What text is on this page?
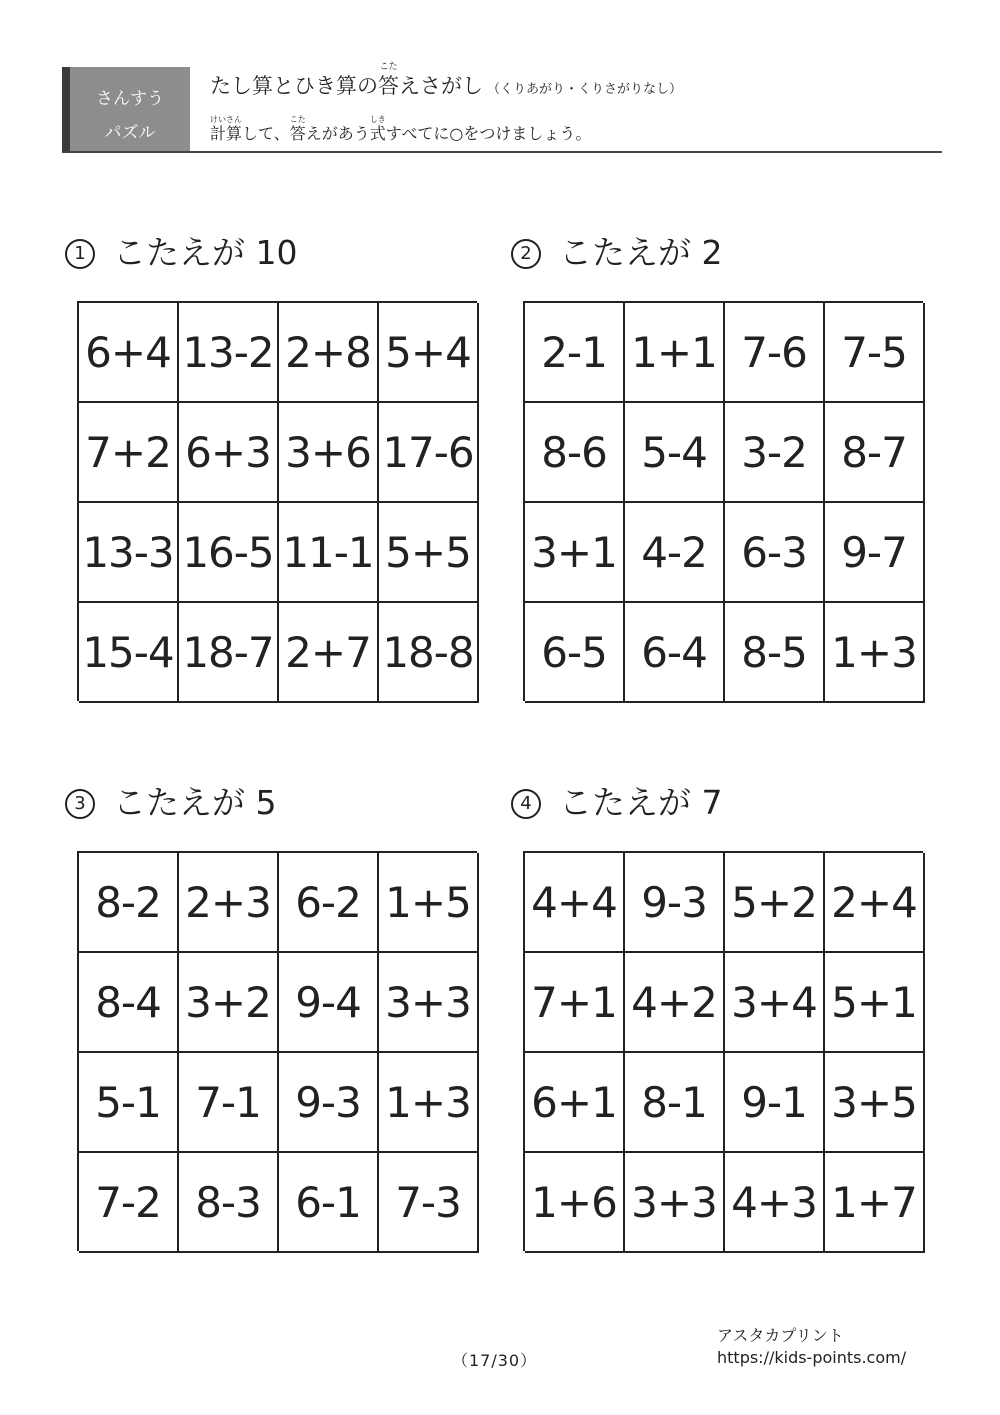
さんすう
パズル
たし算とひき算の
こた
答えさがし （くりあがり・くりさがりなし）
けいさん
計算して、
こた
答えがあう
しき
式すべてに○をつけましょう。
1 こたえが 10
6+4 13-2 2+8 5+4
7+2 6+3 3+6 17-6
13-3 16-5 11-1 5+5
15-4 18-7 2+7 18-8
2 こたえが 2
2-1 1+1 7-6 7-5
8-6 5-4 3-2 8-7
3+1 4-2 6-3 9-7
6-5 6-4 8-5 1+3
3 こたえが 5
8-2 2+3 6-2 1+5
8-4 3+2 9-4 3+3
5-1 7-1 9-3 1+3
7-2 8-3 6-1 7-3
4 こたえが 7
4+4 9-3 5+2 2+4
7+1 4+2 3+4 5+1
6+1 8-1 9-1 3+5
1+6 3+3 4+3 1+7
（17/30）
アスタカプリント
https://kids-points.com/
